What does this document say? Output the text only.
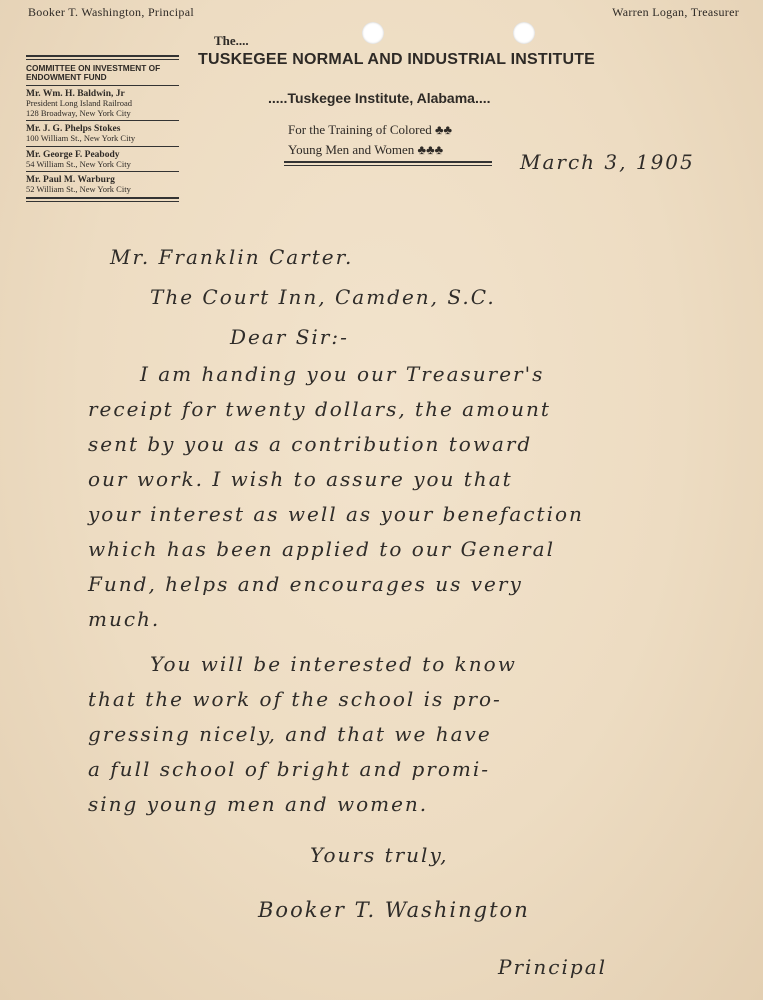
Booker T. Washington, Principal	Warren Logan, Treasurer
COMMITTEE ON INVESTMENT OF ENDOWMENT FUND
Mr. Wm. H. Baldwin, Jr
President Long Island Railroad
128 Broadway, New York City
Mr. J. G. Phelps Stokes
100 William St., New York City
Mr. George F. Peabody
54 William St., New York City
Mr. Paul M. Warburg
52 William St., New York City
The....
TUSKEGEE NORMAL AND INDUSTRIAL INSTITUTE
.....Tuskegee Institute, Alabama....
For the Training of Colored ♣♣
Young Men and Women ♣♣♣
March 3, 1905
Mr. Franklin Carter.
The Court Inn, Camden, S.C.
Dear Sir:-
I am handing you our Treasurer's
receipt for twenty dollars, the amount
sent by you as a contribution toward
our work. I wish to assure you that
your interest as well as your benefaction
which has been applied to our General
Fund, helps and encourages us very
much.
You will be interested to know
that the work of the school is pro-
gressing nicely, and that we have
a full school of bright and promi-
sing young men and women.
Yours truly,
Booker T. Washington
Principal
